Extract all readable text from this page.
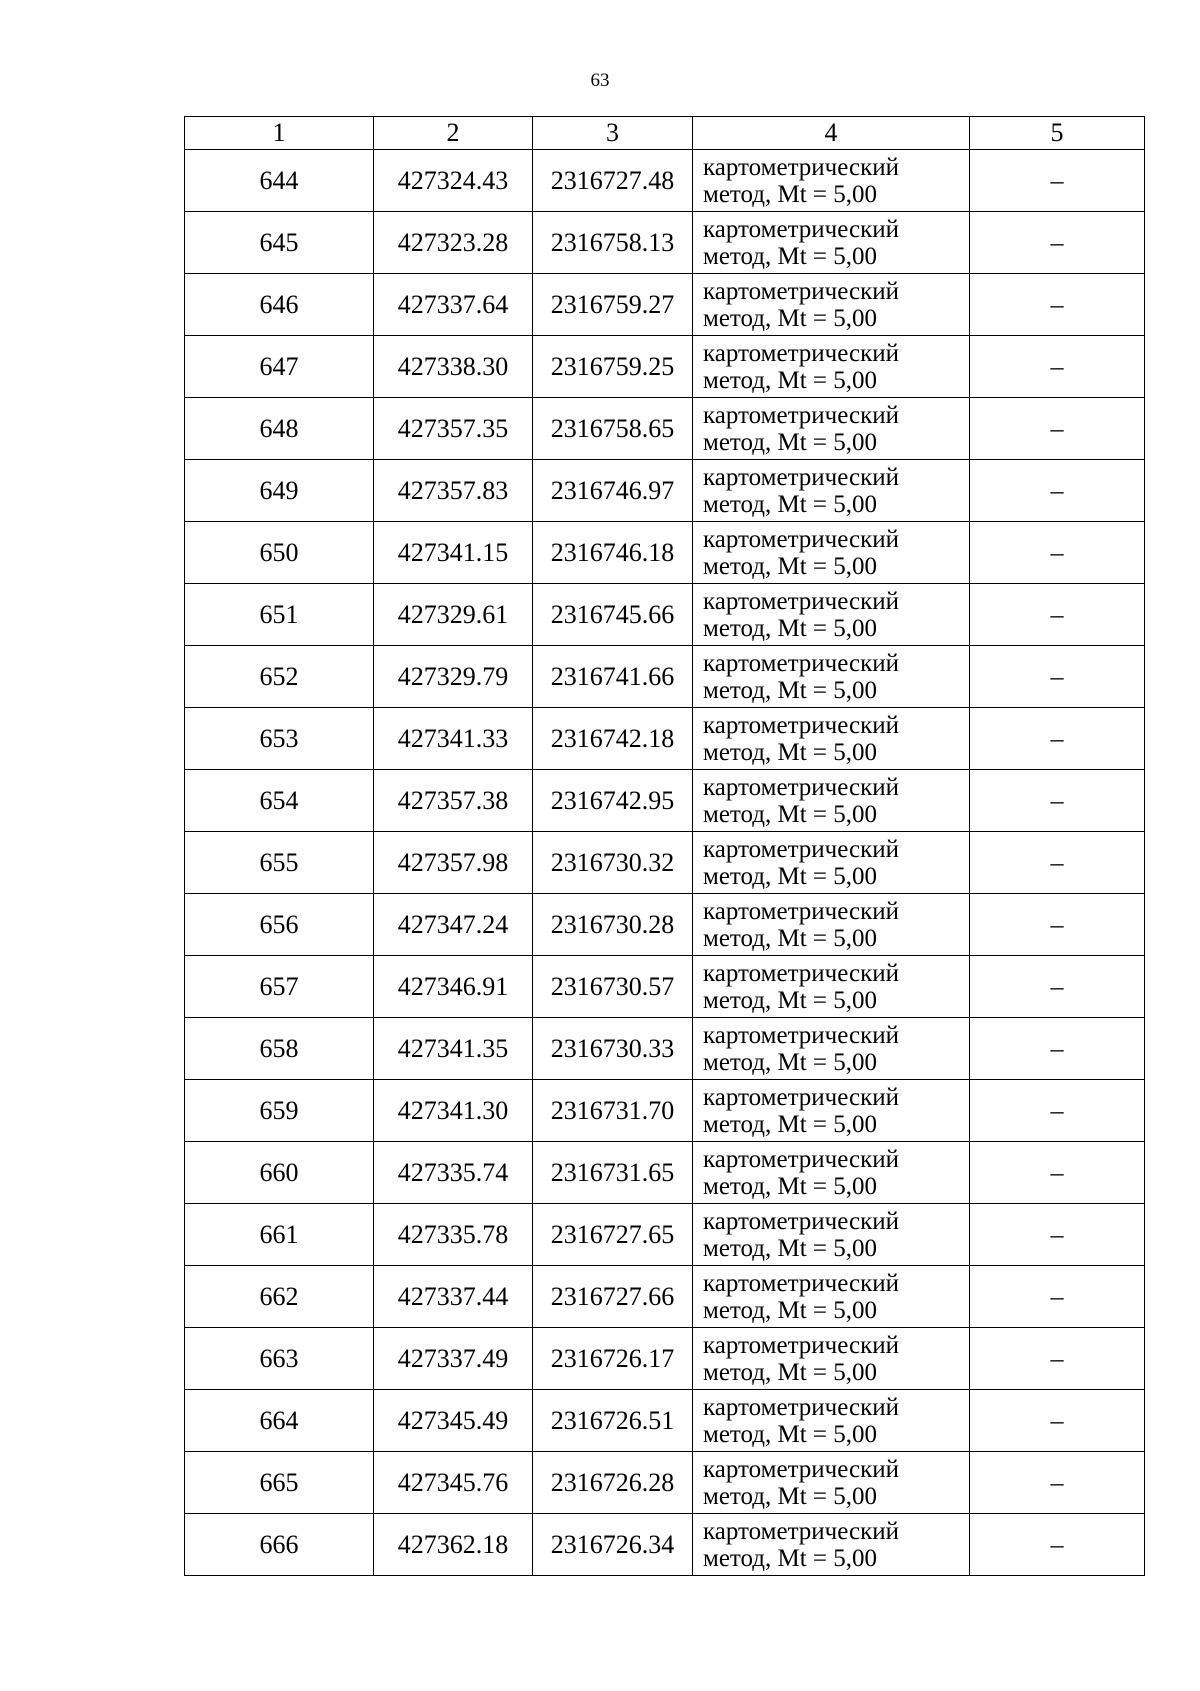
63
1	2	3	4	5
644	427324.43	2316727.48	картометрический
метод, Mt = 5,00	–
645	427323.28	2316758.13	картометрический
метод, Mt = 5,00	–
646	427337.64	2316759.27	картометрический
метод, Mt = 5,00	–
647	427338.30	2316759.25	картометрический
метод, Mt = 5,00	–
648	427357.35	2316758.65	картометрический
метод, Mt = 5,00	–
649	427357.83	2316746.97	картометрический
метод, Mt = 5,00	–
650	427341.15	2316746.18	картометрический
метод, Mt = 5,00	–
651	427329.61	2316745.66	картометрический
метод, Mt = 5,00	–
652	427329.79	2316741.66	картометрический
метод, Mt = 5,00	–
653	427341.33	2316742.18	картометрический
метод, Mt = 5,00	–
654	427357.38	2316742.95	картометрический
метод, Mt = 5,00	–
655	427357.98	2316730.32	картометрический
метод, Mt = 5,00	–
656	427347.24	2316730.28	картометрический
метод, Mt = 5,00	–
657	427346.91	2316730.57	картометрический
метод, Mt = 5,00	–
658	427341.35	2316730.33	картометрический
метод, Mt = 5,00	–
659	427341.30	2316731.70	картометрический
метод, Mt = 5,00	–
660	427335.74	2316731.65	картометрический
метод, Mt = 5,00	–
661	427335.78	2316727.65	картометрический
метод, Mt = 5,00	–
662	427337.44	2316727.66	картометрический
метод, Mt = 5,00	–
663	427337.49	2316726.17	картометрический
метод, Mt = 5,00	–
664	427345.49	2316726.51	картометрический
метод, Mt = 5,00	–
665	427345.76	2316726.28	картометрический
метод, Mt = 5,00	–
666	427362.18	2316726.34	картометрический
метод, Mt = 5,00	–
